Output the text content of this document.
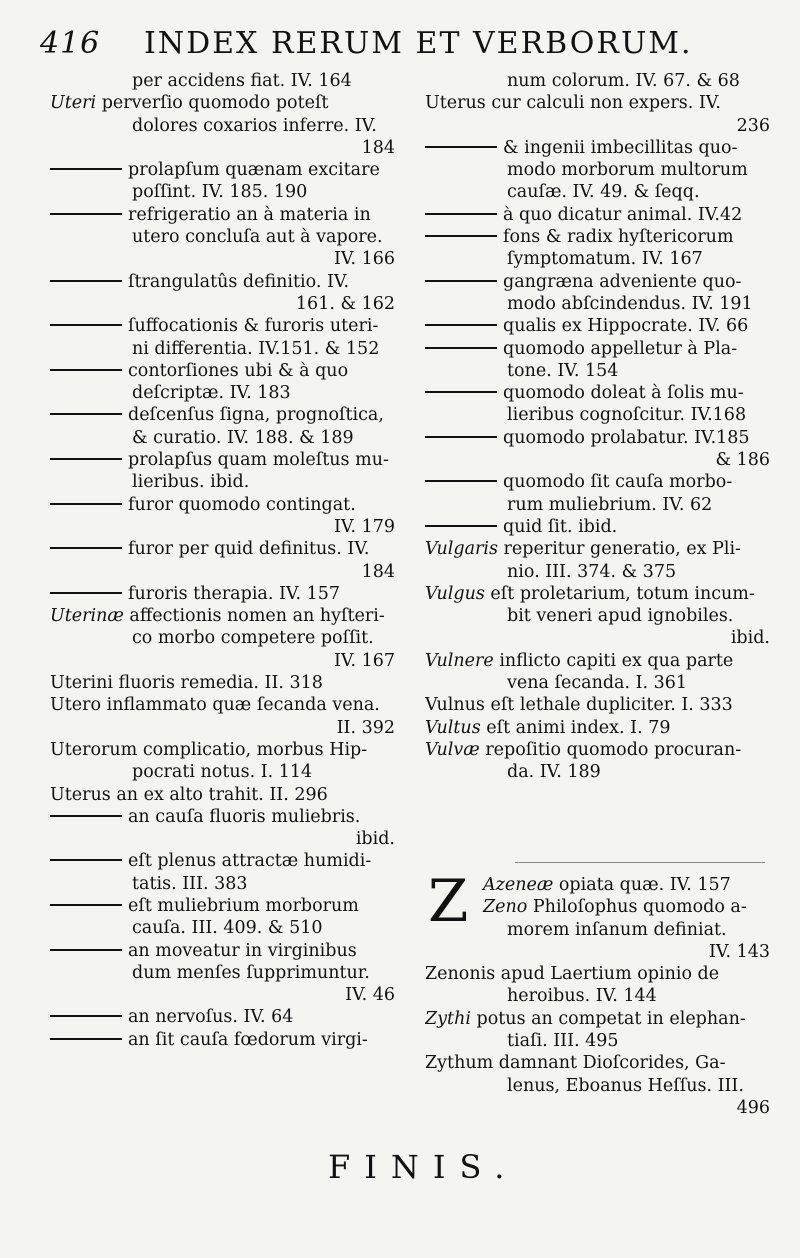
416 INDEX RERUM ET VERBORUM.
per accidens fiat. IV. 164
Uteri perverſio quomodo poteſt
dolores coxarios inferre. IV.
184
prolapſum quænam excitare
poſſint. IV. 185. 190
refrigeratio an à materia in
utero concluſa aut à vapore.
IV. 166
ſtrangulatûs definitio. IV.
161. & 162
ſuffocationis & furoris uteri-
ni differentia. IV.151. & 152
contorſiones ubi & à quo
deſcriptæ. IV. 183
deſcenſus ſigna, prognoſtica,
& curatio. IV. 188. & 189
prolapſus quam moleſtus mu-
lieribus. ibid.
furor quomodo contingat.
IV. 179
furor per quid definitus. IV.
184
furoris therapia. IV. 157
Uterinæ affectionis nomen an hyſteri-
co morbo competere poſſit.
IV. 167
Uterini fluoris remedia. II. 318
Utero inflammato quæ ſecanda vena.
II. 392
Uterorum complicatio, morbus Hip-
pocrati notus. I. 114
Uterus an ex alto trahit. II. 296
an cauſa fluoris muliebris.
ibid.
eſt plenus attractæ humidi-
tatis. III. 383
eſt muliebrium morborum
cauſa. III. 409. & 510
an moveatur in virginibus
dum menſes ſupprimuntur.
IV. 46
an nervoſus. IV. 64
an ſit cauſa fœdorum virgi-
num colorum. IV. 67. & 68
Uterus cur calculi non expers. IV.
236
& ingenii imbecillitas quo-
modo morborum multorum
cauſæ. IV. 49. & ſeqq.
à quo dicatur animal. IV.42
fons & radix hyſtericorum
ſymptomatum. IV. 167
gangræna adveniente quo-
modo abſcindendus. IV. 191
qualis ex Hippocrate. IV. 66
quomodo appelletur à Pla-
tone. IV. 154
quomodo doleat à ſolis mu-
lieribus cognoſcitur. IV.168
quomodo prolabatur. IV.185
& 186
quomodo ſit cauſa morbo-
rum muliebrium. IV. 62
quid ſit. ibid.
Vulgaris reperitur generatio, ex Pli-
nio. III. 374. & 375
Vulgus eſt proletarium, totum incum-
bit veneri apud ignobiles.
ibid.
Vulnere inflicto capiti ex qua parte
vena ſecanda. I. 361
Vulnus eſt lethale dupliciter. I. 333
Vultus eſt animi index. I. 79
Vulvæ repoſitio quomodo procuran-
da. IV. 189
Z Azeneæ opiata quæ. IV. 157
Zeno Philoſophus quomodo a-
morem inſanum definiat.
IV. 143
Zenonis apud Laertium opinio de
heroibus. IV. 144
Zythi potus an competat in elephan-
tiaſi. III. 495
Zythum damnant Dioſcorides, Ga-
lenus, Eboanus Heſſus. III.
496
FINIS.
